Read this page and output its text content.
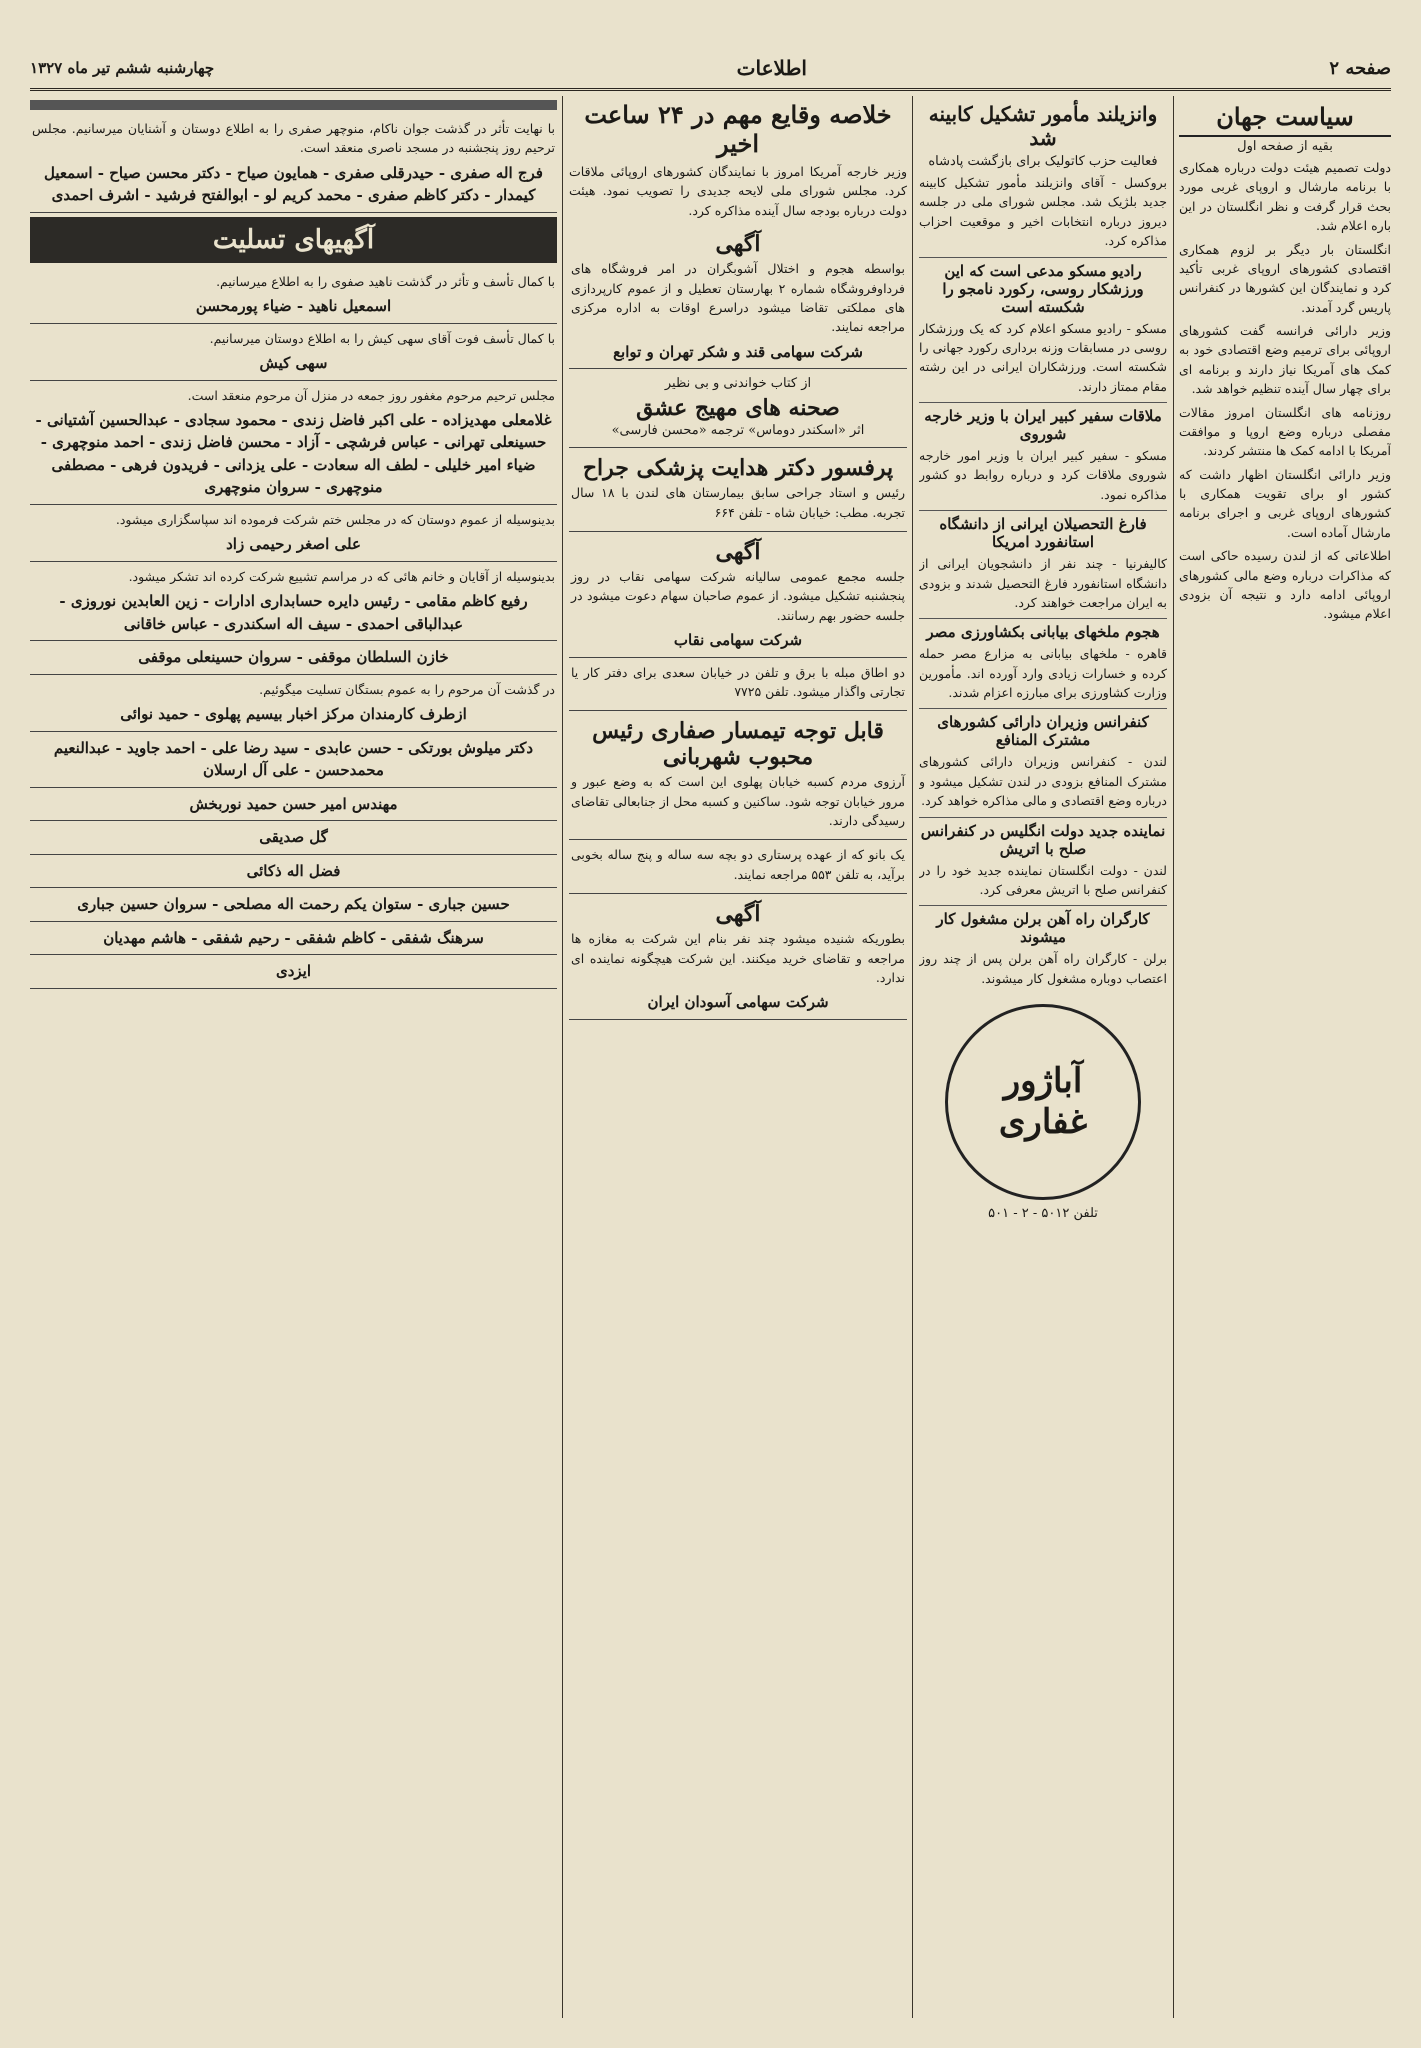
صفحه ۲
اطلاعات
چهارشنبه ششم تیر ماه ۱۳۲۷
سیاست جهان
بقیه از صفحه اول

دولت تصمیم هیئت دولت درباره همکاری با برنامه مارشال و اروپای غربی مورد بحث قرار گرفت و نظر انگلستان در این باره اعلام شد.

انگلستان بار دیگر بر لزوم همکاری اقتصادی کشورهای اروپای غربی تأکید کرد و نمایندگان این کشورها در کنفرانس پاریس گرد آمدند.

وزیر دارائی فرانسه گفت کشورهای اروپائی برای ترمیم وضع اقتصادی خود به کمک های آمریکا نیاز دارند و برنامه ای برای چهار سال آینده تنظیم خواهد شد.

روزنامه های انگلستان امروز مقالات مفصلی درباره وضع اروپا و موافقت آمریکا با ادامه کمک ها منتشر کردند.

وزیر دارائی انگلستان اظهار داشت که کشور او برای تقویت همکاری با کشورهای اروپای غربی و اجرای برنامه مارشال آماده است.

اطلاعاتی که از لندن رسیده حاکی است که مذاکرات درباره وضع مالی کشورهای اروپائی ادامه دارد و نتیجه آن بزودی اعلام میشود.

وانزیلند مأمور تشکیل کابینه شد
فعالیت حزب کاتولیک برای بازگشت پادشاه

بروکسل - آقای وانزیلند مأمور تشکیل کابینه جدید بلژیک شد. مجلس شورای ملی در جلسه دیروز درباره انتخابات اخیر و موقعیت احزاب مذاکره کرد.

رادیو مسکو مدعی است که این ورزشکار روسی، رکورد نامجو را شکسته است

مسکو - رادیو مسکو اعلام کرد که یک ورزشکار روسی در مسابقات وزنه برداری رکورد جهانی را شکسته است. ورزشکاران ایرانی در این رشته مقام ممتاز دارند.

ملاقات سفیر کبیر ایران با وزیر خارجه شوروی

مسکو - سفیر کبیر ایران با وزیر امور خارجه شوروی ملاقات کرد و درباره روابط دو کشور مذاکره نمود.

فارغ التحصیلان ایرانی از دانشگاه استانفورد امریکا

کالیفرنیا - چند نفر از دانشجویان ایرانی از دانشگاه استانفورد فارغ التحصیل شدند و بزودی به ایران مراجعت خواهند کرد.

هجوم ملخهای بیابانی بکشاورزی مصر

قاهره - ملخهای بیابانی به مزارع مصر حمله کرده و خسارات زیادی وارد آورده اند. مأمورین وزارت کشاورزی برای مبارزه اعزام شدند.

کنفرانس وزیران دارائی کشورهای مشترک المنافع

لندن - کنفرانس وزیران دارائی کشورهای مشترک المنافع بزودی در لندن تشکیل میشود و درباره وضع اقتصادی و مالی مذاکره خواهد کرد.

نماینده جدید دولت انگلیس در کنفرانس صلح با اتریش

لندن - دولت انگلستان نماینده جدید خود را در کنفرانس صلح با اتریش معرفی کرد.

کارگران راه آهن برلن مشغول کار میشوند

برلن - کارگران راه آهن برلن پس از چند روز اعتصاب دوباره مشغول کار میشوند.

آباژور
غفاری
تلفن ۵۰۱۲ - ۲ - ۵۰۱
خلاصه وقایع مهم در ۲۴ ساعت اخیر

وزیر خارجه آمریکا امروز با نمایندگان کشورهای اروپائی ملاقات کرد. مجلس شورای ملی لایحه جدیدی را تصویب نمود. هیئت دولت درباره بودجه سال آینده مذاکره کرد.

آگهی

بواسطه هجوم و اختلال آشوبگران در امر فروشگاه های فرداوفروشگاه شماره ۲ بهارستان تعطیل و از عموم کارپردازی های مملکتی تقاضا میشود دراسرع اوقات به اداره مرکزی مراجعه نمایند.

شرکت سهامی قند و شکر تهران و توابع
از کتاب خواندنی و بی نظیر
صحنه های مهیج عشق
اثر «اسکندر دوماس» ترجمه «محسن فارسی»
پرفسور دکتر هدایت پزشکی جراح

رئیس و استاد جراحی سابق بیمارستان های لندن با ۱۸ سال تجربه. مطب: خیابان شاه - تلفن ۶۶۴

آگهی

جلسه مجمع عمومی سالیانه شرکت سهامی نقاب در روز پنجشنبه تشکیل میشود. از عموم صاحبان سهام دعوت میشود در جلسه حضور بهم رسانند.

شرکت سهامی نقاب

دو اطاق مبله با برق و تلفن در خیابان سعدی برای دفتر کار یا تجارتی واگذار میشود. تلفن ۷۷۲۵

قابل توجه تیمسار صفاری رئیس محبوب شهربانی

آرزوی مردم کسبه خیابان پهلوی این است که به وضع عبور و مرور خیابان توجه شود. ساکنین و کسبه محل از جنابعالی تقاضای رسیدگی دارند.

یک بانو که از عهده پرستاری دو بچه سه ساله و پنج ساله بخوبی برآید، به تلفن ۵۵۳ مراجعه نمایند.

آگهی

بطوریکه شنیده میشود چند نفر بنام این شرکت به مغازه ها مراجعه و تقاضای خرید میکنند. این شرکت هیچگونه نماینده ای ندارد.

شرکت سهامی آسودان ایران

با نهایت تأثر در گذشت جوان ناکام، منوچهر صفری را به اطلاع دوستان و آشنایان میرسانیم. مجلس ترحیم روز پنجشنبه در مسجد ناصری منعقد است.

فرج اله صفری - حیدرقلی صفری - همایون صیاح - دکتر محسن صیاح - اسمعیل کیمدار - دکتر کاظم صفری - محمد کریم لو - ابوالفتح فرشید - اشرف احمدی
آگهیهای تسلیت

با کمال تأسف و تأثر در گذشت ناهید صفوی را به اطلاع میرسانیم.

اسمعیل ناهید - ضیاء پورمحسن

با کمال تأسف فوت آقای سهی کیش را به اطلاع دوستان میرسانیم.

سهی کیش

مجلس ترحیم مرحوم مغفور روز جمعه در منزل آن مرحوم منعقد است.

غلامعلی مهدیزاده - علی اکبر فاضل زندی - محمود سجادی - عبدالحسین آشتیانی - حسینعلی تهرانی - عباس فرشچی - آزاد - محسن فاضل زندی - احمد منوچهری - ضیاء امیر خلیلی - لطف اله سعادت - علی یزدانی - فریدون فرهی - مصطفی منوچهری - سروان منوچهری

بدینوسیله از عموم دوستان که در مجلس ختم شرکت فرموده اند سپاسگزاری میشود.

علی اصغر رحیمی زاد

بدینوسیله از آقایان و خانم هائی که در مراسم تشییع شرکت کرده اند تشکر میشود.

رفیع کاظم مقامی - رئیس دایره حسابداری ادارات - زین العابدین نوروزی - عبدالباقی احمدی - سیف اله اسکندری - عباس خاقانی
خازن السلطان موقفی - سروان حسینعلی موقفی

در گذشت آن مرحوم را به عموم بستگان تسلیت میگوئیم.

ازطرف کارمندان مرکز اخبار بیسیم پهلوی - حمید نوائی
دکتر میلوش بورتکی - حسن عابدی - سید رضا علی - احمد جاوید - عبدالنعیم محمدحسن - علی آل ارسلان
مهندس امیر حسن حمید نوربخش
گل صدیقی
فضل اله ذکائی
حسین جباری - ستوان یکم رحمت اله مصلحی - سروان حسین جباری
سرهنگ شفقی - کاظم شفقی - رحیم شفقی - هاشم مهدیان
ایزدی
